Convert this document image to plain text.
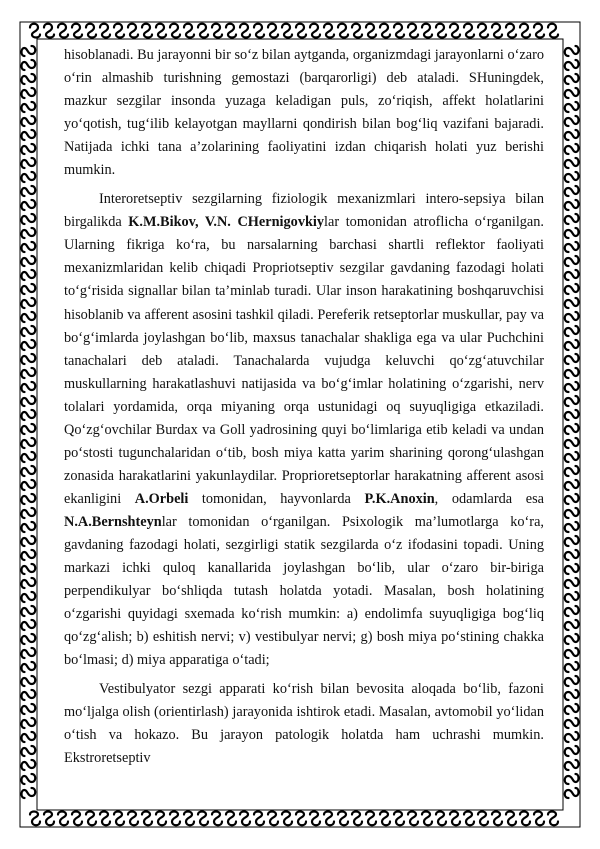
hisoblanadi. Bu jarayonni bir so‘z bilan aytganda, organizmdagi jarayonlarni o‘zaro o‘rin almashib turishning gemostazi (barqarorligi) deb ataladi. SHuningdek, mazkur sezgilar insonda yuzaga keladigan puls, zo‘riqish, affekt holatlarini yo‘qotish, tug‘ilib kelayotgan mayllarni qondirish bilan bog‘liq vazifani bajaradi. Natijada ichki tana a’zolarining faoliyatini izdan chiqarish holati yuz berishi mumkin.

Interoretseptiv sezgilarning fiziologik mexanizmlari intero-sepsiya bilan birgalikda K.M.Bikov, V.N. CHernigovkiylar tomonidan atroflicha o‘rganilgan. Ularning fikriga ko‘ra, bu narsalarning barchasi shartli reflektor faoliyati mexanizmlaridan kelib chiqadi Propriotseptiv sezgilar gavdaning fazodagi holati to‘g‘risida signallar bilan ta’minlab turadi. Ular inson harakatining boshqaruvchisi hisoblanib va afferent asosini tashkil qiladi. Pereferik retseptorlar muskullar, pay va bo‘g‘imlarda joylashgan bo‘lib, maxsus tanachalar shakliga ega va ular Puchchini tanachalari deb ataladi. Tanachalarda vujudga keluvchi qo‘zg‘atuvchilar muskullarning harakatlashuvi natijasida va bo‘g‘imlar holatining o‘zgarishi, nerv tolalari yordamida, orqa miyaning orqa ustunidagi oq suyuqligiga etkaziladi. Qo‘zg‘ovchilar Burdax va Goll yadrosining quyi bo‘limlariga etib keladi va undan po‘stosti tugunchalaridan o‘tib, bosh miya katta yarim sharining qorong‘ulashgan zonasida harakatlarini yakunlaydilar. Proprioretseptorlar harakatning afferent asosi ekanligini A.Orbeli tomonidan, hayvonlarda P.K.Anoxin, odamlarda esa N.A.Bernshteynlar tomonidan o‘rganilgan. Psixologik ma’lumotlarga ko‘ra, gavdaning fazodagi holati, sezgirligi statik sezgilarda o‘z ifodasini topadi. Uning markazi ichki quloq kanallarida joylashgan bo‘lib, ular o‘zaro bir-biriga perpendikulyar bo‘shliqda tutash holatda yotadi. Masalan, bosh holatining o‘zgarishi quyidagi sxemada ko‘rish mumkin: a) endolimfa suyuqligiga bog‘liq qo‘zg‘alish; b) eshitish nervi; v) vestibulyar nervi; g) bosh miya po‘stining chakka bo‘lmasi; d) miya apparatiga o‘tadi;

Vestibulyator sezgi apparati ko‘rish bilan bevosita aloqada bo‘lib, fazoni mo‘ljalga olish (orientirlash) jarayonida ishtirok etadi. Masalan, avtomobil yo‘lidan o‘tish va hokazo. Bu jarayon patologik holatda ham uchrashi mumkin. Ekstroretseptiv
